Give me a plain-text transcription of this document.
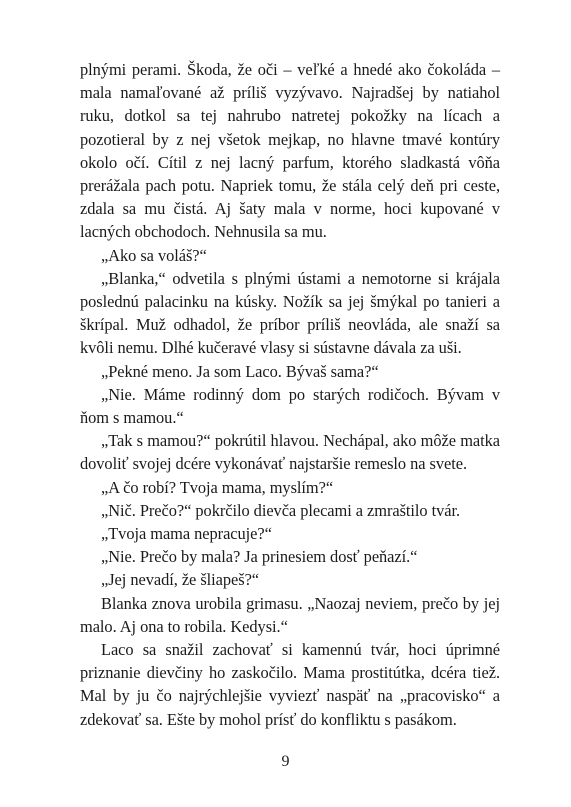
plnými perami. Škoda, že oči – veľké a hnedé ako čokoláda – mala namaľované až príliš vyzývavo. Najradšej by natiahol ruku, dotkol sa tej nahrubo natretej pokožky na lícach a pozotieral by z nej všetok mejkap, no hlavne tmavé kontúry okolo očí. Cítil z nej lacný parfum, ktorého sladkastá vôňa prerážala pach potu. Napriek tomu, že stála celý deň pri ceste, zdala sa mu čistá. Aj šaty mala v norme, hoci kupované v lacných obchodoch. Nehnusila sa mu.

„Ako sa voláš?“

„Blanka,“ odvetila s plnými ústami a nemotorne si krájala poslednú palacinku na kúsky. Nožík sa jej šmýkal po tanieri a škrípal. Muž odhadol, že príbor príliš neovláda, ale snaží sa kvôli nemu. Dlhé kučeravé vlasy si sústavne dávala za uši.

„Pekné meno. Ja som Laco. Bývaš sama?“

„Nie. Máme rodinný dom po starých rodičoch. Bývam v ňom s mamou.“

„Tak s mamou?“ pokrútil hlavou. Nechápal, ako môže matka dovoliť svojej dcére vykonávať najstaršie remeslo na svete.

„A čo robí? Tvoja mama, myslím?“

„Nič. Prečo?“ pokrčilo dievča plecami a zmraštilo tvár.

„Tvoja mama nepracuje?“

„Nie. Prečo by mala? Ja prinesiem dosť peňazí.“

„Jej nevadí, že šliapeš?“

Blanka znova urobila grimasu. „Naozaj neviem, prečo by jej malo. Aj ona to robila. Kedysi.“

Laco sa snažil zachovať si kamennú tvár, hoci úprimné priznanie dievčiny ho zaskočilo. Mama prostitútka, dcéra tiež. Mal by ju čo najrýchlejšie vyviezť naspäť na „pracovisko“ a zdekovať sa. Ešte by mohol prísť do konfliktu s pasákom.

9
